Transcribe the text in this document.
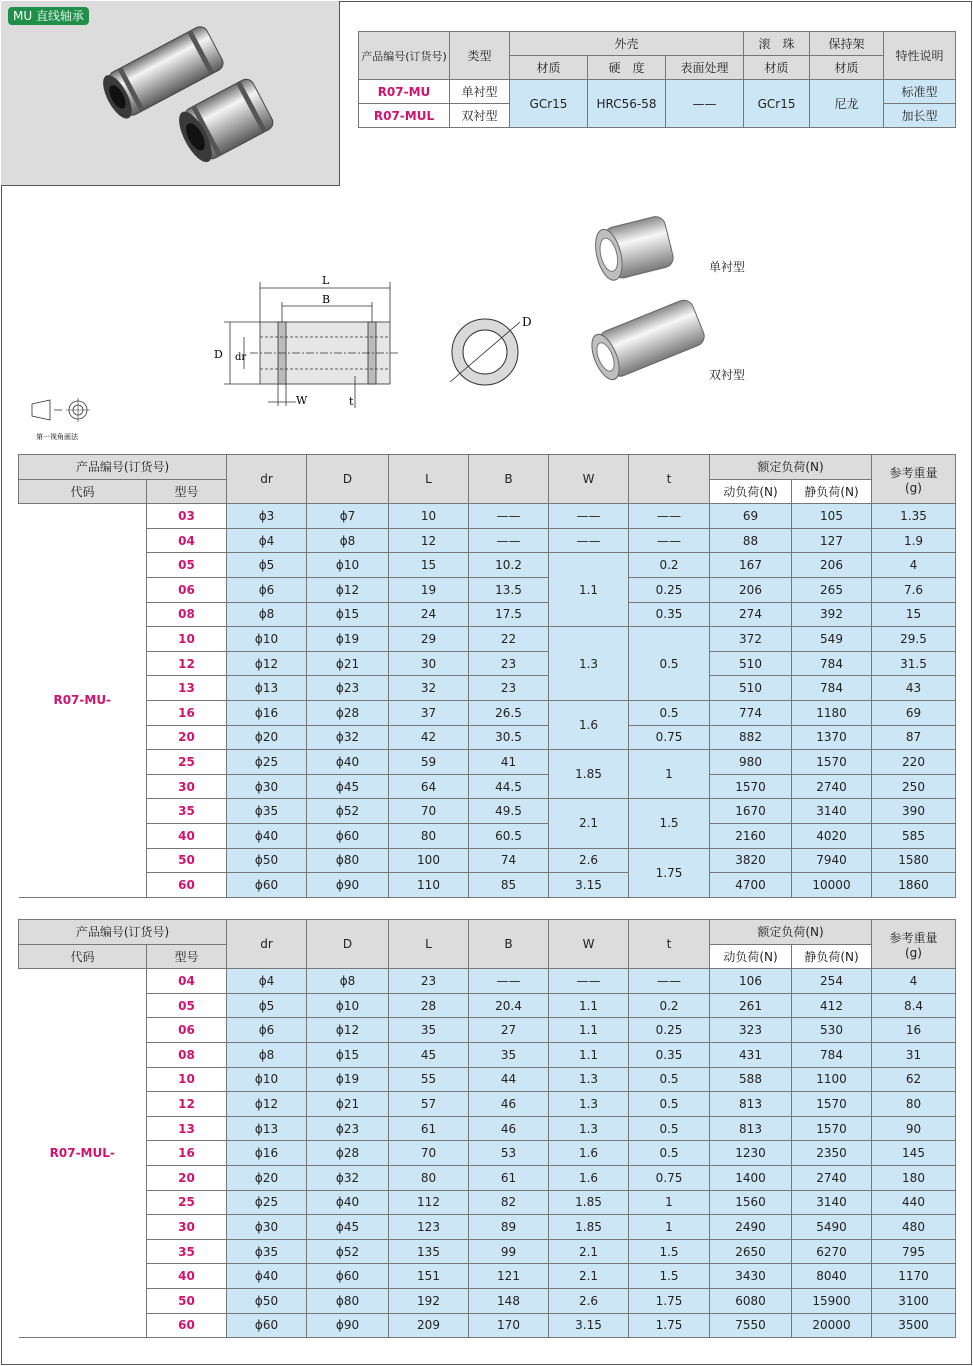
MU 直线轴承
产品编号(订货号)	类型	外壳			滚　珠	保持架	特性说明
		材质	硬　度	表面处理	材质	材质	
R07-MU	单衬型	GCr15	HRC56-58	——	GCr15	尼龙	标准型
R07-MUL	双衬型						加长型
L
B
D dr
W	t
D
单衬型
双衬型
第一视角画法
产品编号(订货号)		dr	D	L	B	W	t	额定负荷(N)		参考重量
(g)

代码	型号							动负荷(N)	静负荷(N)	
R07-MU-	03	ϕ3	ϕ7	10	——	——	——	69	105	1.35
	04	ϕ4	ϕ8	12	——	——	——	88	127	1.9
	05	ϕ5	ϕ10	15	10.2	1.1	0.2	167	206	4
	06	ϕ6	ϕ12	19	13.5		0.25	206	265	7.6
	08	ϕ8	ϕ15	24	17.5		0.35	274	392	15
	10	ϕ10	ϕ19	29	22	1.3	0.5	372	549	29.5
	12	ϕ12	ϕ21	30	23			510	784	31.5
	13	ϕ13	ϕ23	32	23			510	784	43
	16	ϕ16	ϕ28	37	26.5	1.6	0.5	774	1180	69
	20	ϕ20	ϕ32	42	30.5		0.75	882	1370	87
	25	ϕ25	ϕ40	59	41	1.85	1	980	1570	220
	30	ϕ30	ϕ45	64	44.5			1570	2740	250
	35	ϕ35	ϕ52	70	49.5	2.1	1.5	1670	3140	390
	40	ϕ40	ϕ60	80	60.5			2160	4020	585
	50	ϕ50	ϕ80	100	74	2.6	1.75	3820	7940	1580
	60	ϕ60	ϕ90	110	85	3.15		4700	10000	1860
产品编号(订货号)		dr	D	L	B	W	t	额定负荷(N)		参考重量
(g)

代码	型号							动负荷(N)	静负荷(N)	
R07-MUL-	04	ϕ4	ϕ8	23	——	——	——	106	254	4
	05	ϕ5	ϕ10	28	20.4	1.1	0.2	261	412	8.4
	06	ϕ6	ϕ12	35	27	1.1	0.25	323	530	16
	08	ϕ8	ϕ15	45	35	1.1	0.35	431	784	31
	10	ϕ10	ϕ19	55	44	1.3	0.5	588	1100	62
	12	ϕ12	ϕ21	57	46	1.3	0.5	813	1570	80
	13	ϕ13	ϕ23	61	46	1.3	0.5	813	1570	90
	16	ϕ16	ϕ28	70	53	1.6	0.5	1230	2350	145
	20	ϕ20	ϕ32	80	61	1.6	0.75	1400	2740	180
	25	ϕ25	ϕ40	112	82	1.85	1	1560	3140	440
	30	ϕ30	ϕ45	123	89	1.85	1	2490	5490	480
	35	ϕ35	ϕ52	135	99	2.1	1.5	2650	6270	795
	40	ϕ40	ϕ60	151	121	2.1	1.5	3430	8040	1170
	50	ϕ50	ϕ80	192	148	2.6	1.75	6080	15900	3100
	60	ϕ60	ϕ90	209	170	3.15	1.75	7550	20000	3500
